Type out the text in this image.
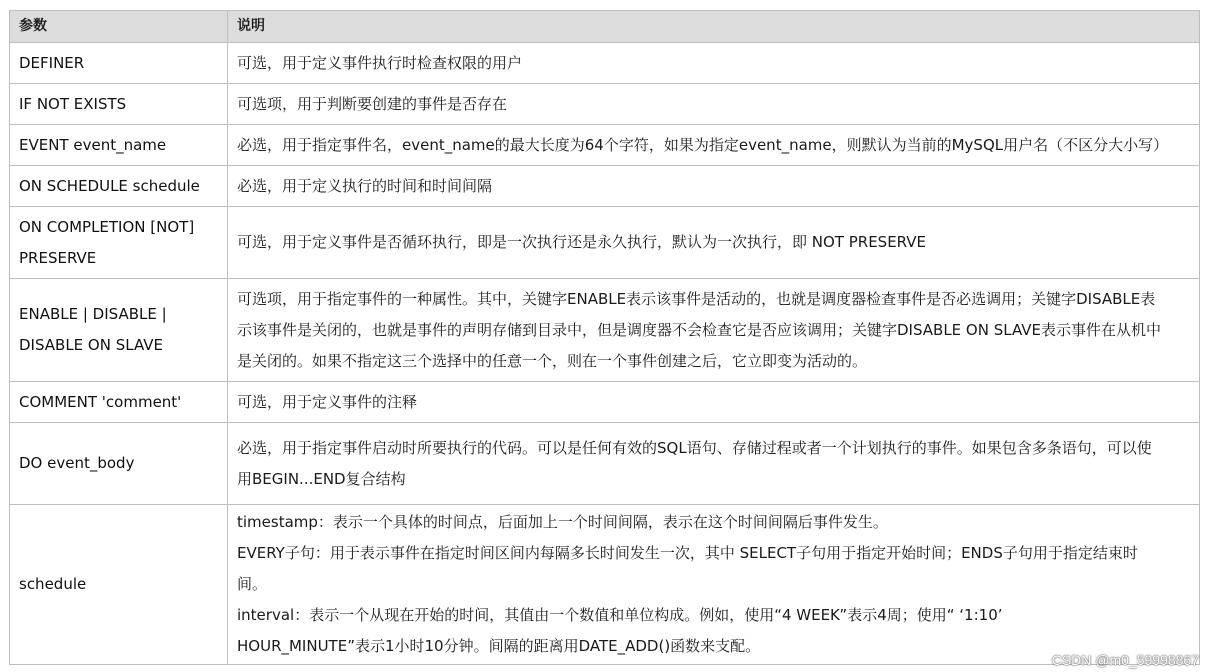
参数	说明

DEFINER	可选，用于定义事件执行时检查权限的用户

IF NOT EXISTS	可选项，用于判断要创建的事件是否存在

EVENT event_name	必选，用于指定事件名，event_name的最大长度为64个字符，如果为指定event_name，则默认为当前的MySQL用户名（不区分大小写）

ON SCHEDULE schedule	必选，用于定义执行的时间和时间间隔

ON COMPLETION [NOT]
PRESERVE	可选，用于定义事件是否循环执行，即是一次执行还是永久执行，默认为一次执行，即 NOT PRESERVE

ENABLE | DISABLE |
DISABLE ON SLAVE	可选项，用于指定事件的一种属性。其中，关键字ENABLE表示该事件是活动的，也就是调度器检查事件是否必选调用；关键字DISABLE表
示该事件是关闭的，也就是事件的声明存储到目录中，但是调度器不会检查它是否应该调用；关键字DISABLE ON SLAVE表示事件在从机中
是关闭的。如果不指定这三个选择中的任意一个，则在一个事件创建之后，它立即变为活动的。

COMMENT 'comment'	可选，用于定义事件的注释

DO event_body	必选，用于指定事件启动时所要执行的代码。可以是任何有效的SQL语句、存储过程或者一个计划执行的事件。如果包含多条语句，可以使
用BEGIN...END复合结构

schedule	timestamp：表示一个具体的时间点，后面加上一个时间间隔，表示在这个时间间隔后事件发生。
EVERY子句：用于表示事件在指定时间区间内每隔多长时间发生一次，其中 SELECT子句用于指定开始时间；ENDS子句用于指定结束时
间。
interval：表示一个从现在开始的时间，其值由一个数值和单位构成。例如，使用“4 WEEK”表示4周；使用“ ‘1:10’
HOUR_MINUTE”表示1小时10分钟。间隔的距离用DATE_ADD()函数来支配。
CSDN @m0_59998867
